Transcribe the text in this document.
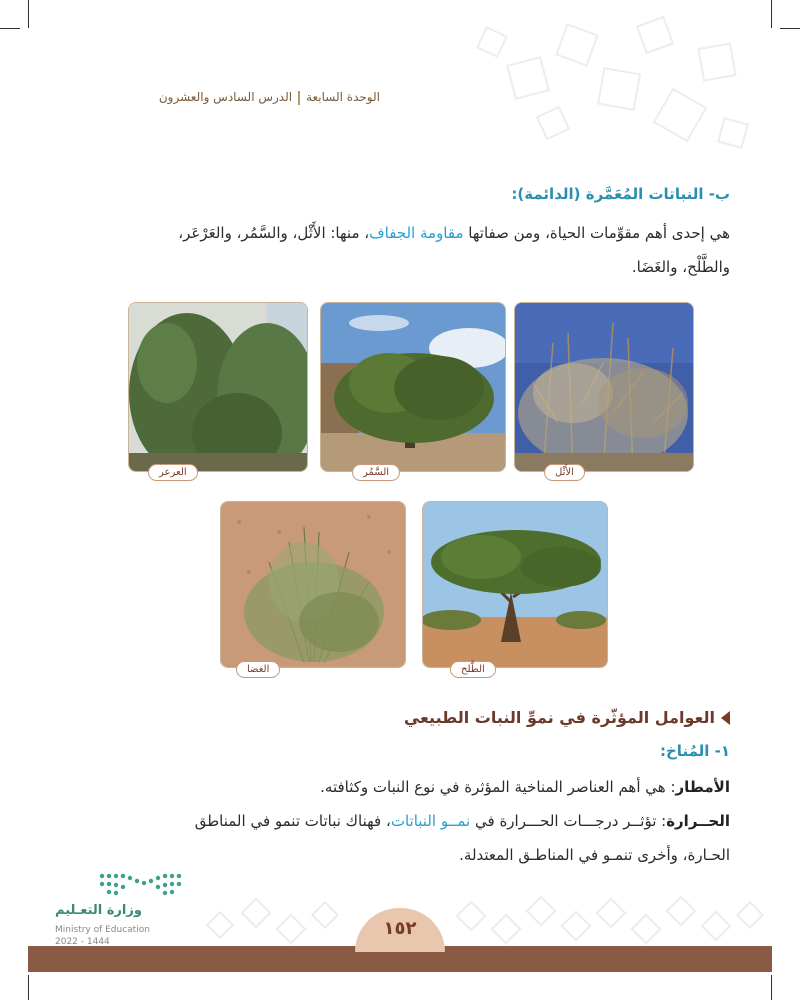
الوحدة السابعةالدرس السادس والعشرون
ب- النباتات المُعَمَّرة (الدائمة):
هي إحدى أهم مقوِّمات الحياة، ومن صفاتها مقاومة الجفاف، منها: الأَثْل، والسَّمُر، والعَرْعَر،
والطَّلْح، والغَضَا.
الأَثْل
السَّمُر
العرعر
الطَّلح
الغضا
العوامل المؤثّرة في نموِّ النبات الطبيعي
١- المُناخ:
الأمطار: هي أهم العناصر المناخية المؤثرة في نوع النبات وكثافته.
الحــرارة: تؤثــر درجـــات الحـــرارة في نمــو النباتات، فهناك نباتات تنمو في المناطق
الحـارة، وأخرى تنمـو في المناطـق المعتدلة.
١٥٢
وزارة التعـليم
Ministry of Education
2022 - 1444
